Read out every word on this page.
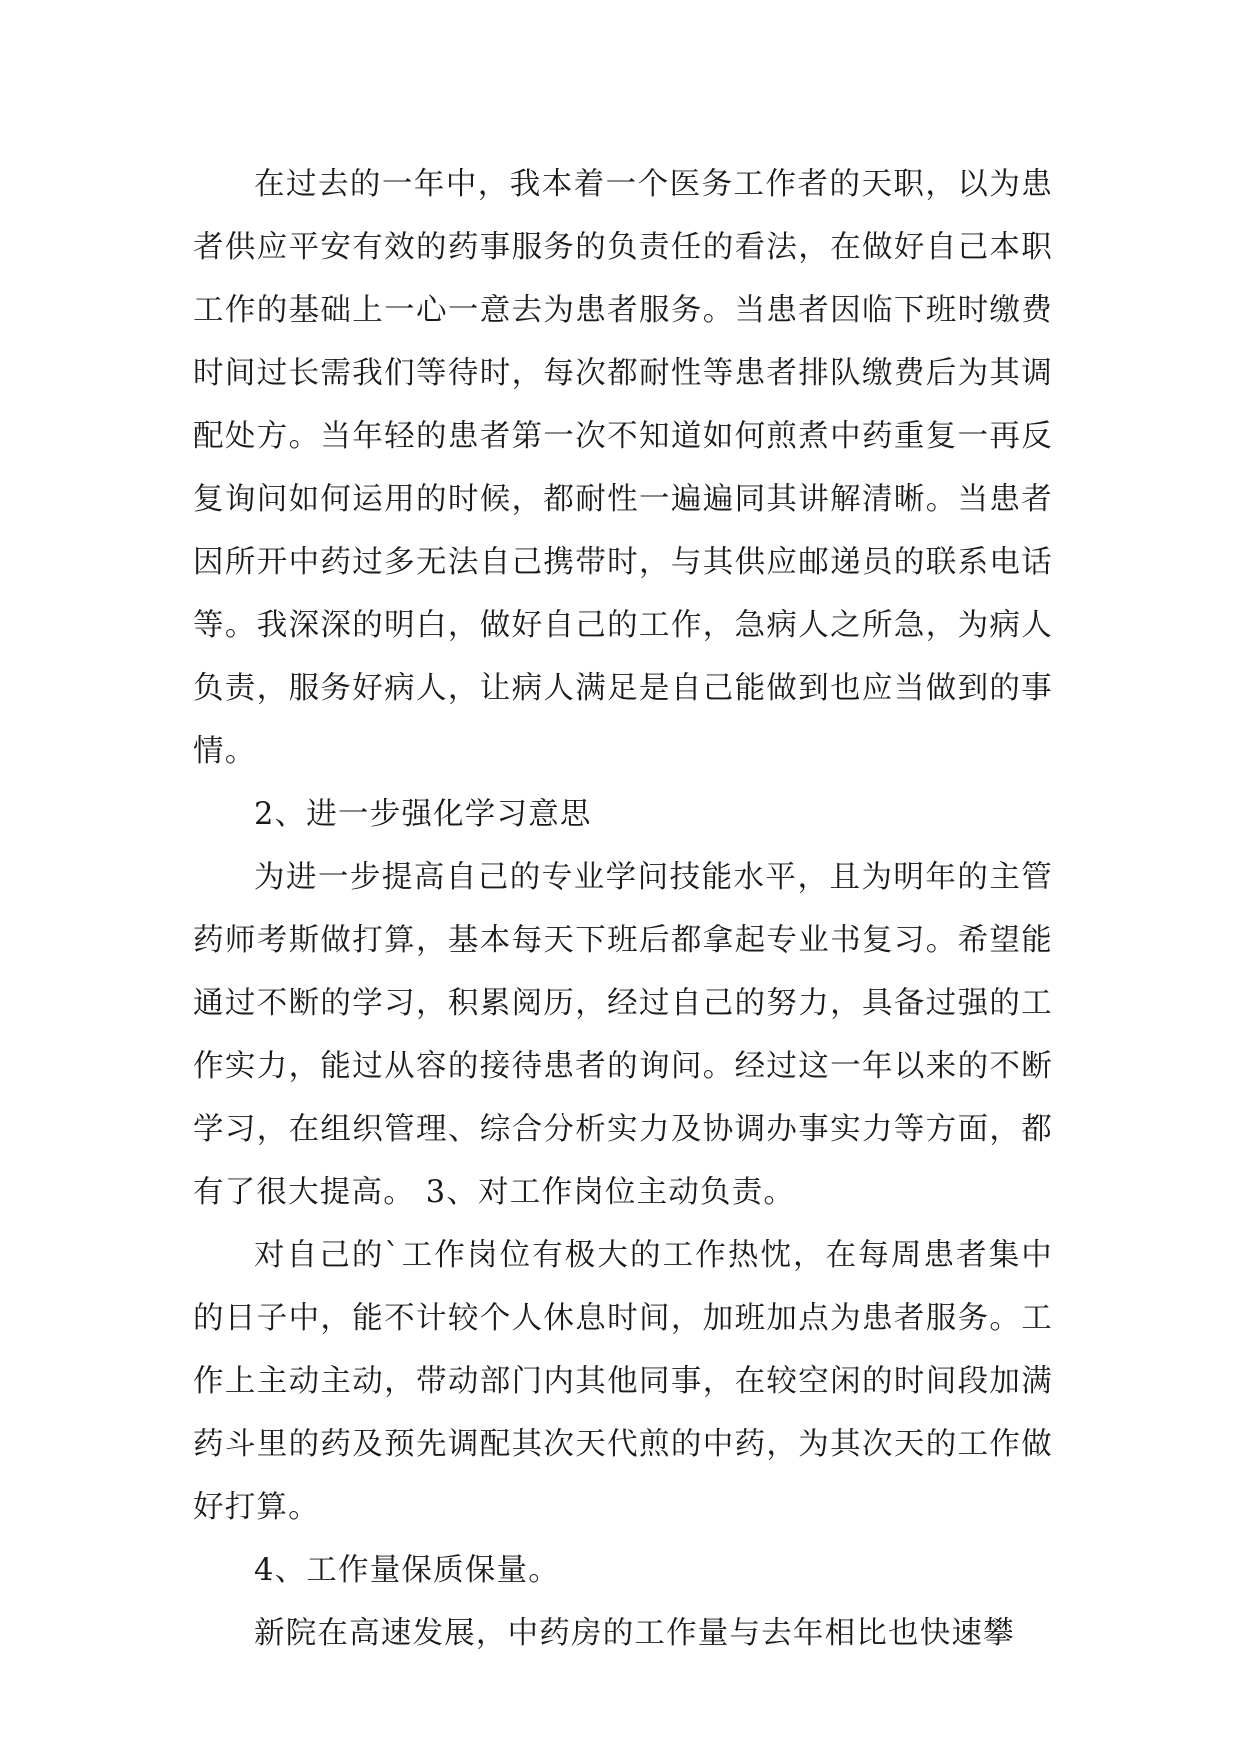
在过去的一年中，我本着一个医务工作者的天职，以为患者供应平安有效的药事服务的负责任的看法，在做好自己本职工作的基础上一心一意去为患者服务。当患者因临下班时缴费时间过长需我们等待时，每次都耐性等患者排队缴费后为其调配处方。当年轻的患者第一次不知道如何煎煮中药重复一再反复询问如何运用的时候，都耐性一遍遍同其讲解清晰。当患者因所开中药过多无法自己携带时，与其供应邮递员的联系电话等。我深深的明白，做好自己的工作，急病人之所急，为病人负责，服务好病人，让病人满足是自己能做到也应当做到的事情。

2、进一步强化学习意思

为进一步提高自己的专业学问技能水平，且为明年的主管药师考斯做打算，基本每天下班后都拿起专业书复习。希望能通过不断的学习，积累阅历，经过自己的努力，具备过强的工作实力，能过从容的接待患者的询问。经过这一年以来的不断学习，在组织管理、综合分析实力及协调办事实力等方面，都有了很大提高。 3、对工作岗位主动负责。

对自己的`工作岗位有极大的工作热忱，在每周患者集中的日子中，能不计较个人休息时间，加班加点为患者服务。工作上主动主动，带动部门内其他同事，在较空闲的时间段加满药斗里的药及预先调配其次天代煎的中药，为其次天的工作做好打算。

4、工作量保质保量。

新院在高速发展，中药房的工作量与去年相比也快速攀
